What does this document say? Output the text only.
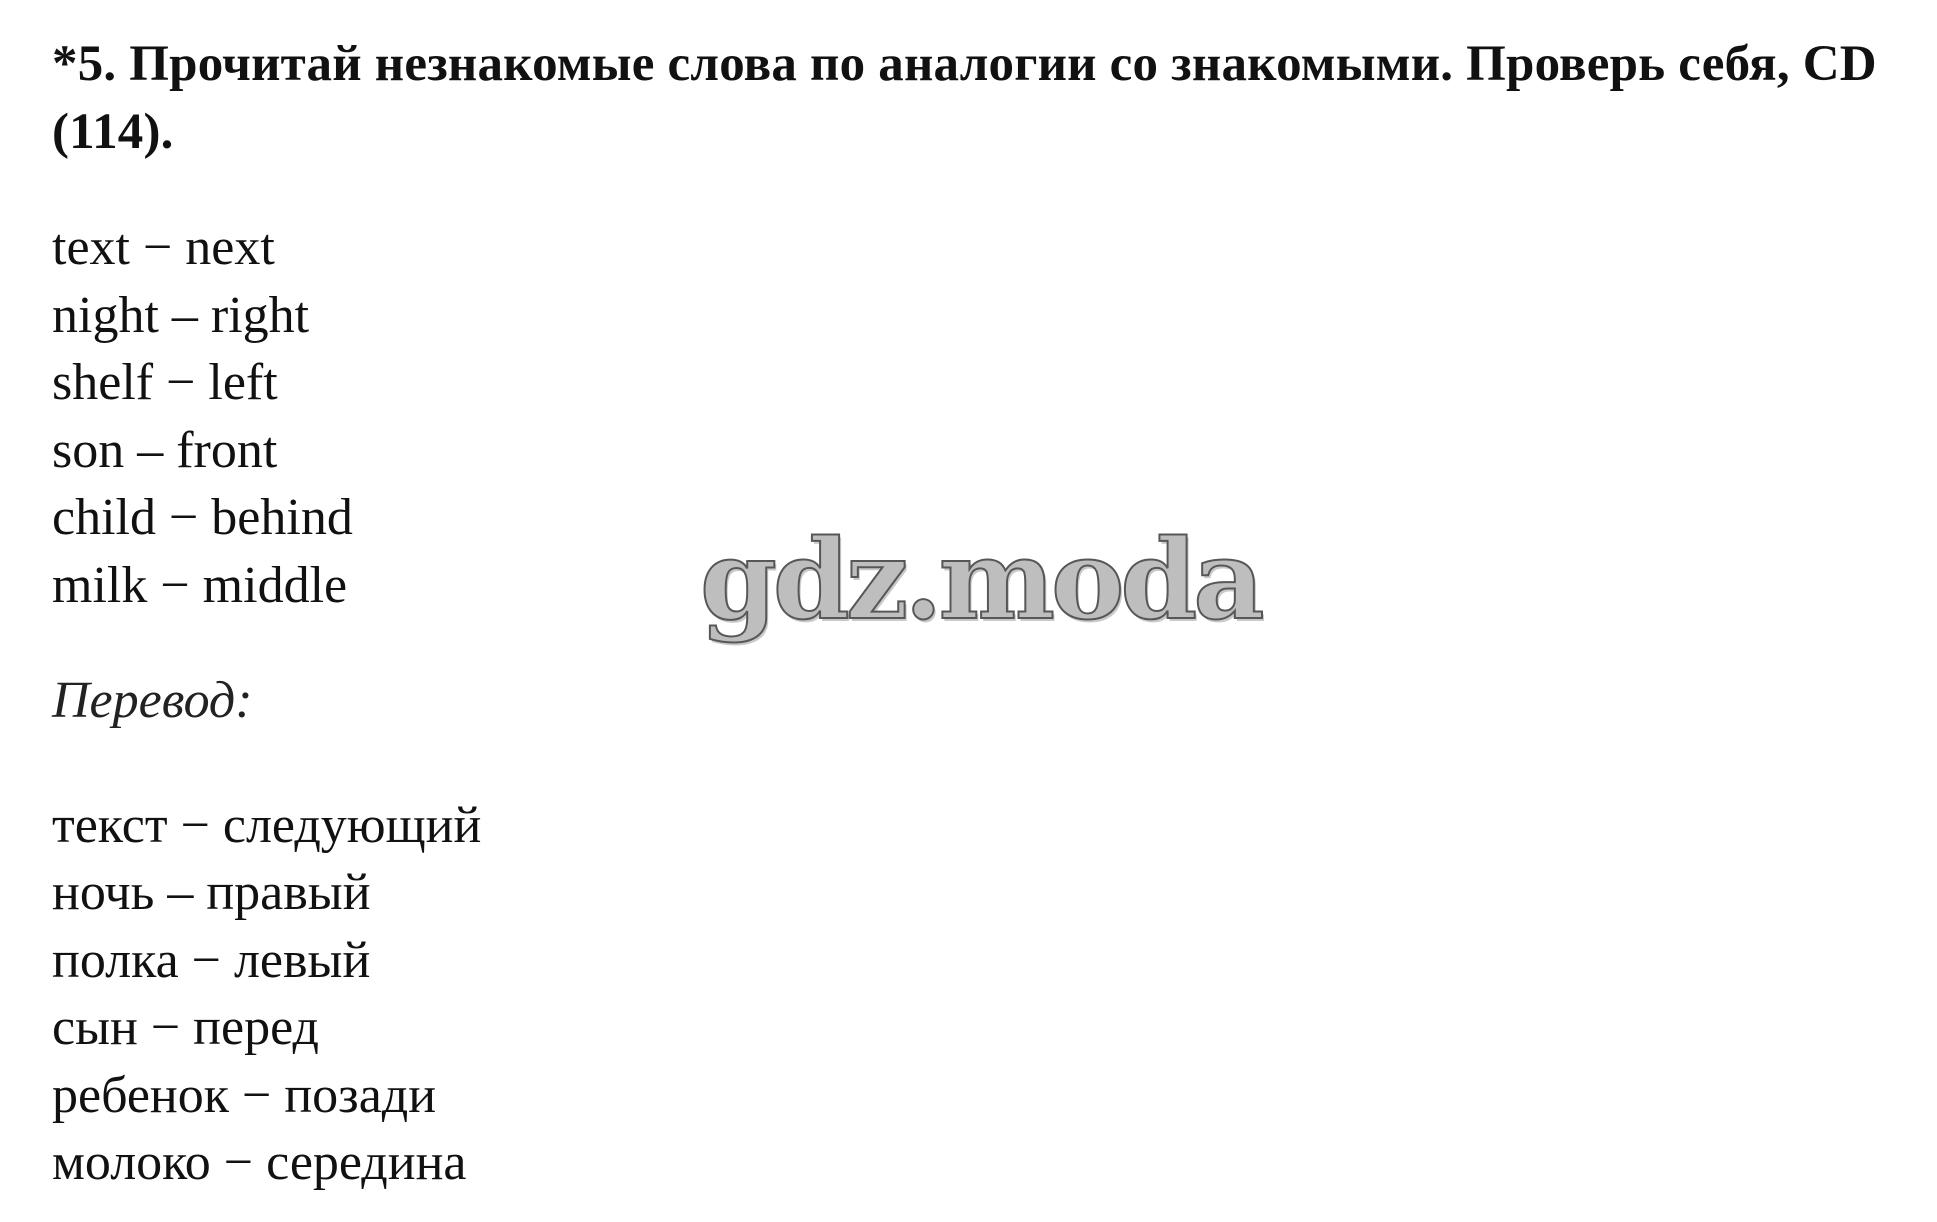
*5. Прочитай незнакомые слова по аналогии со знакомыми. Проверь себя, CD (114).
text − next
night – right
shelf − left
son – front
child − behind
milk − middle
Перевод:
текст − следующий
ночь – правый
полка − левый
сын − перед
ребенок − позади
молоко − середина
gdz.moda
